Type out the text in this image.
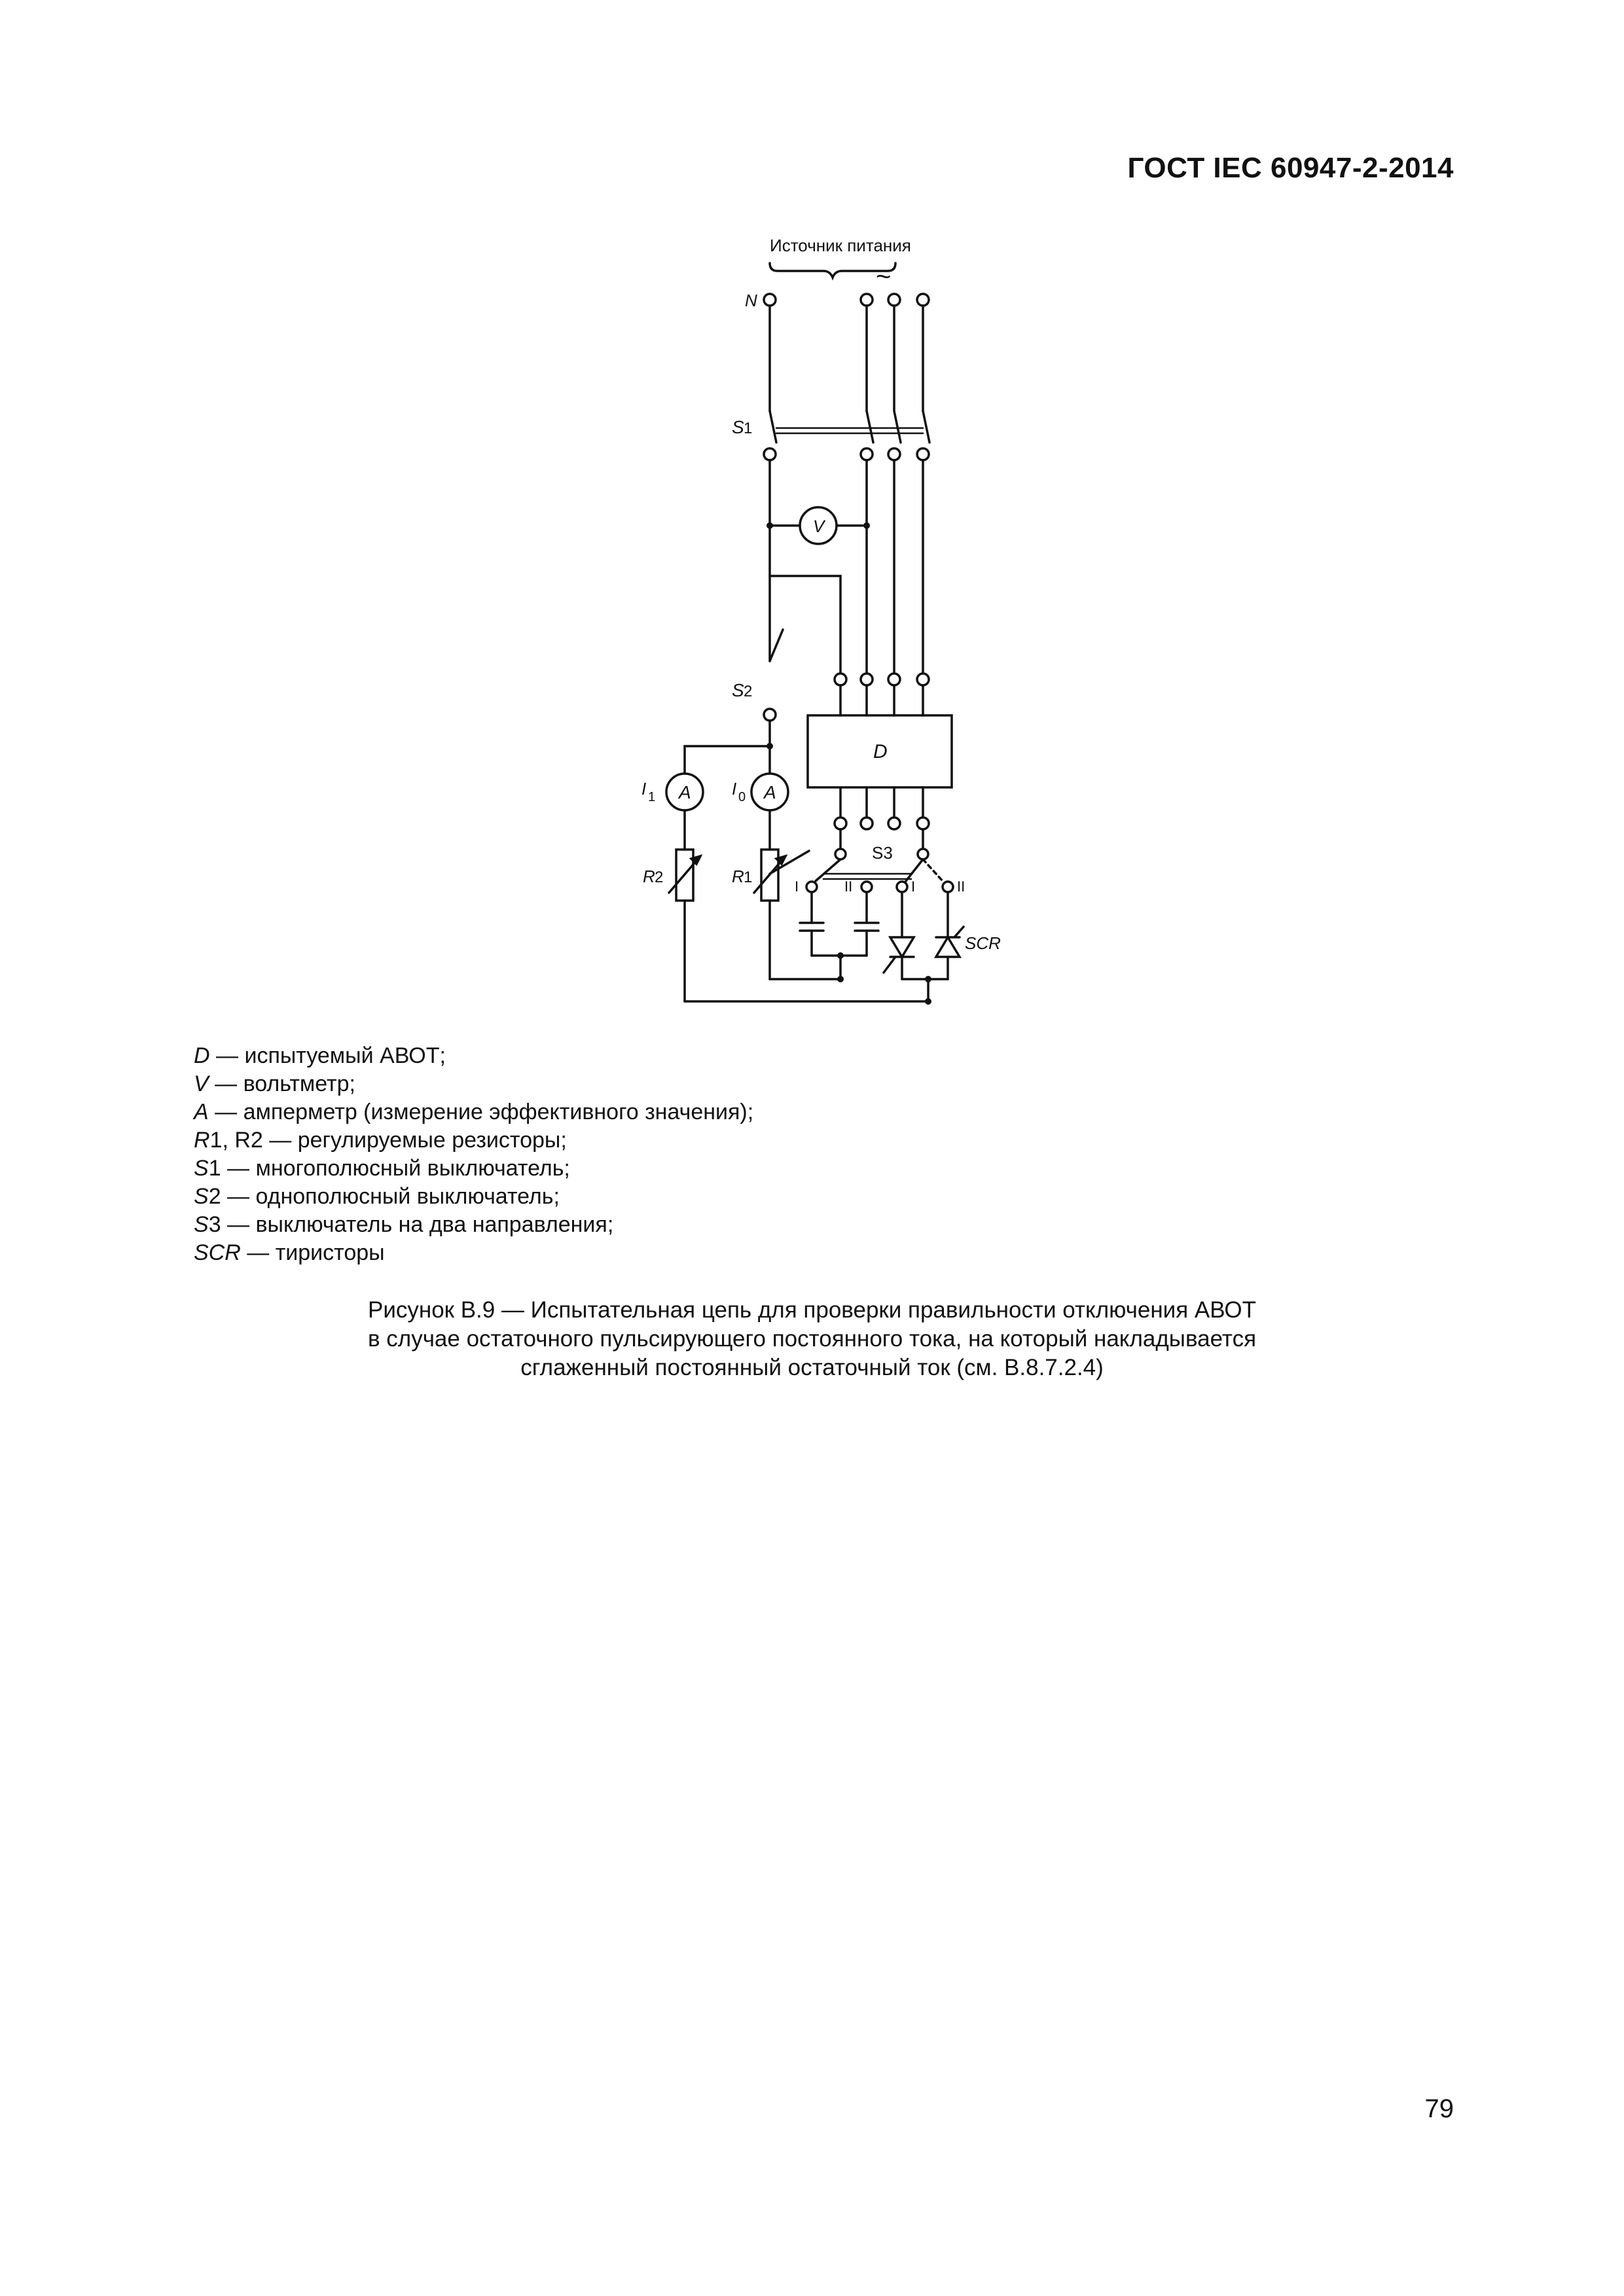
ГОСТ IEC 60947-2-2014
Источник питания
~
N
S 1
V
S 2
D
A	A
I 1	I 0
R 2	R 1
S3
I	II	I	II
SCR
D — испытуемый АВОТ;
V — вольтметр;
A — амперметр (измерение эффективного значения);
R1, R2 — регулируемые резисторы;
S1 — многополюсный выключатель;
S2 — однополюсный выключатель;
S3 — выключатель на два направления;
SCR — тиристоры
Рисунок В.9 — Испытательная цепь для проверки правильности отключения АВОТ
в случае остаточного пульсирующего постоянного тока, на который накладывается
сглаженный постоянный остаточный ток (см. В.8.7.2.4)
79
